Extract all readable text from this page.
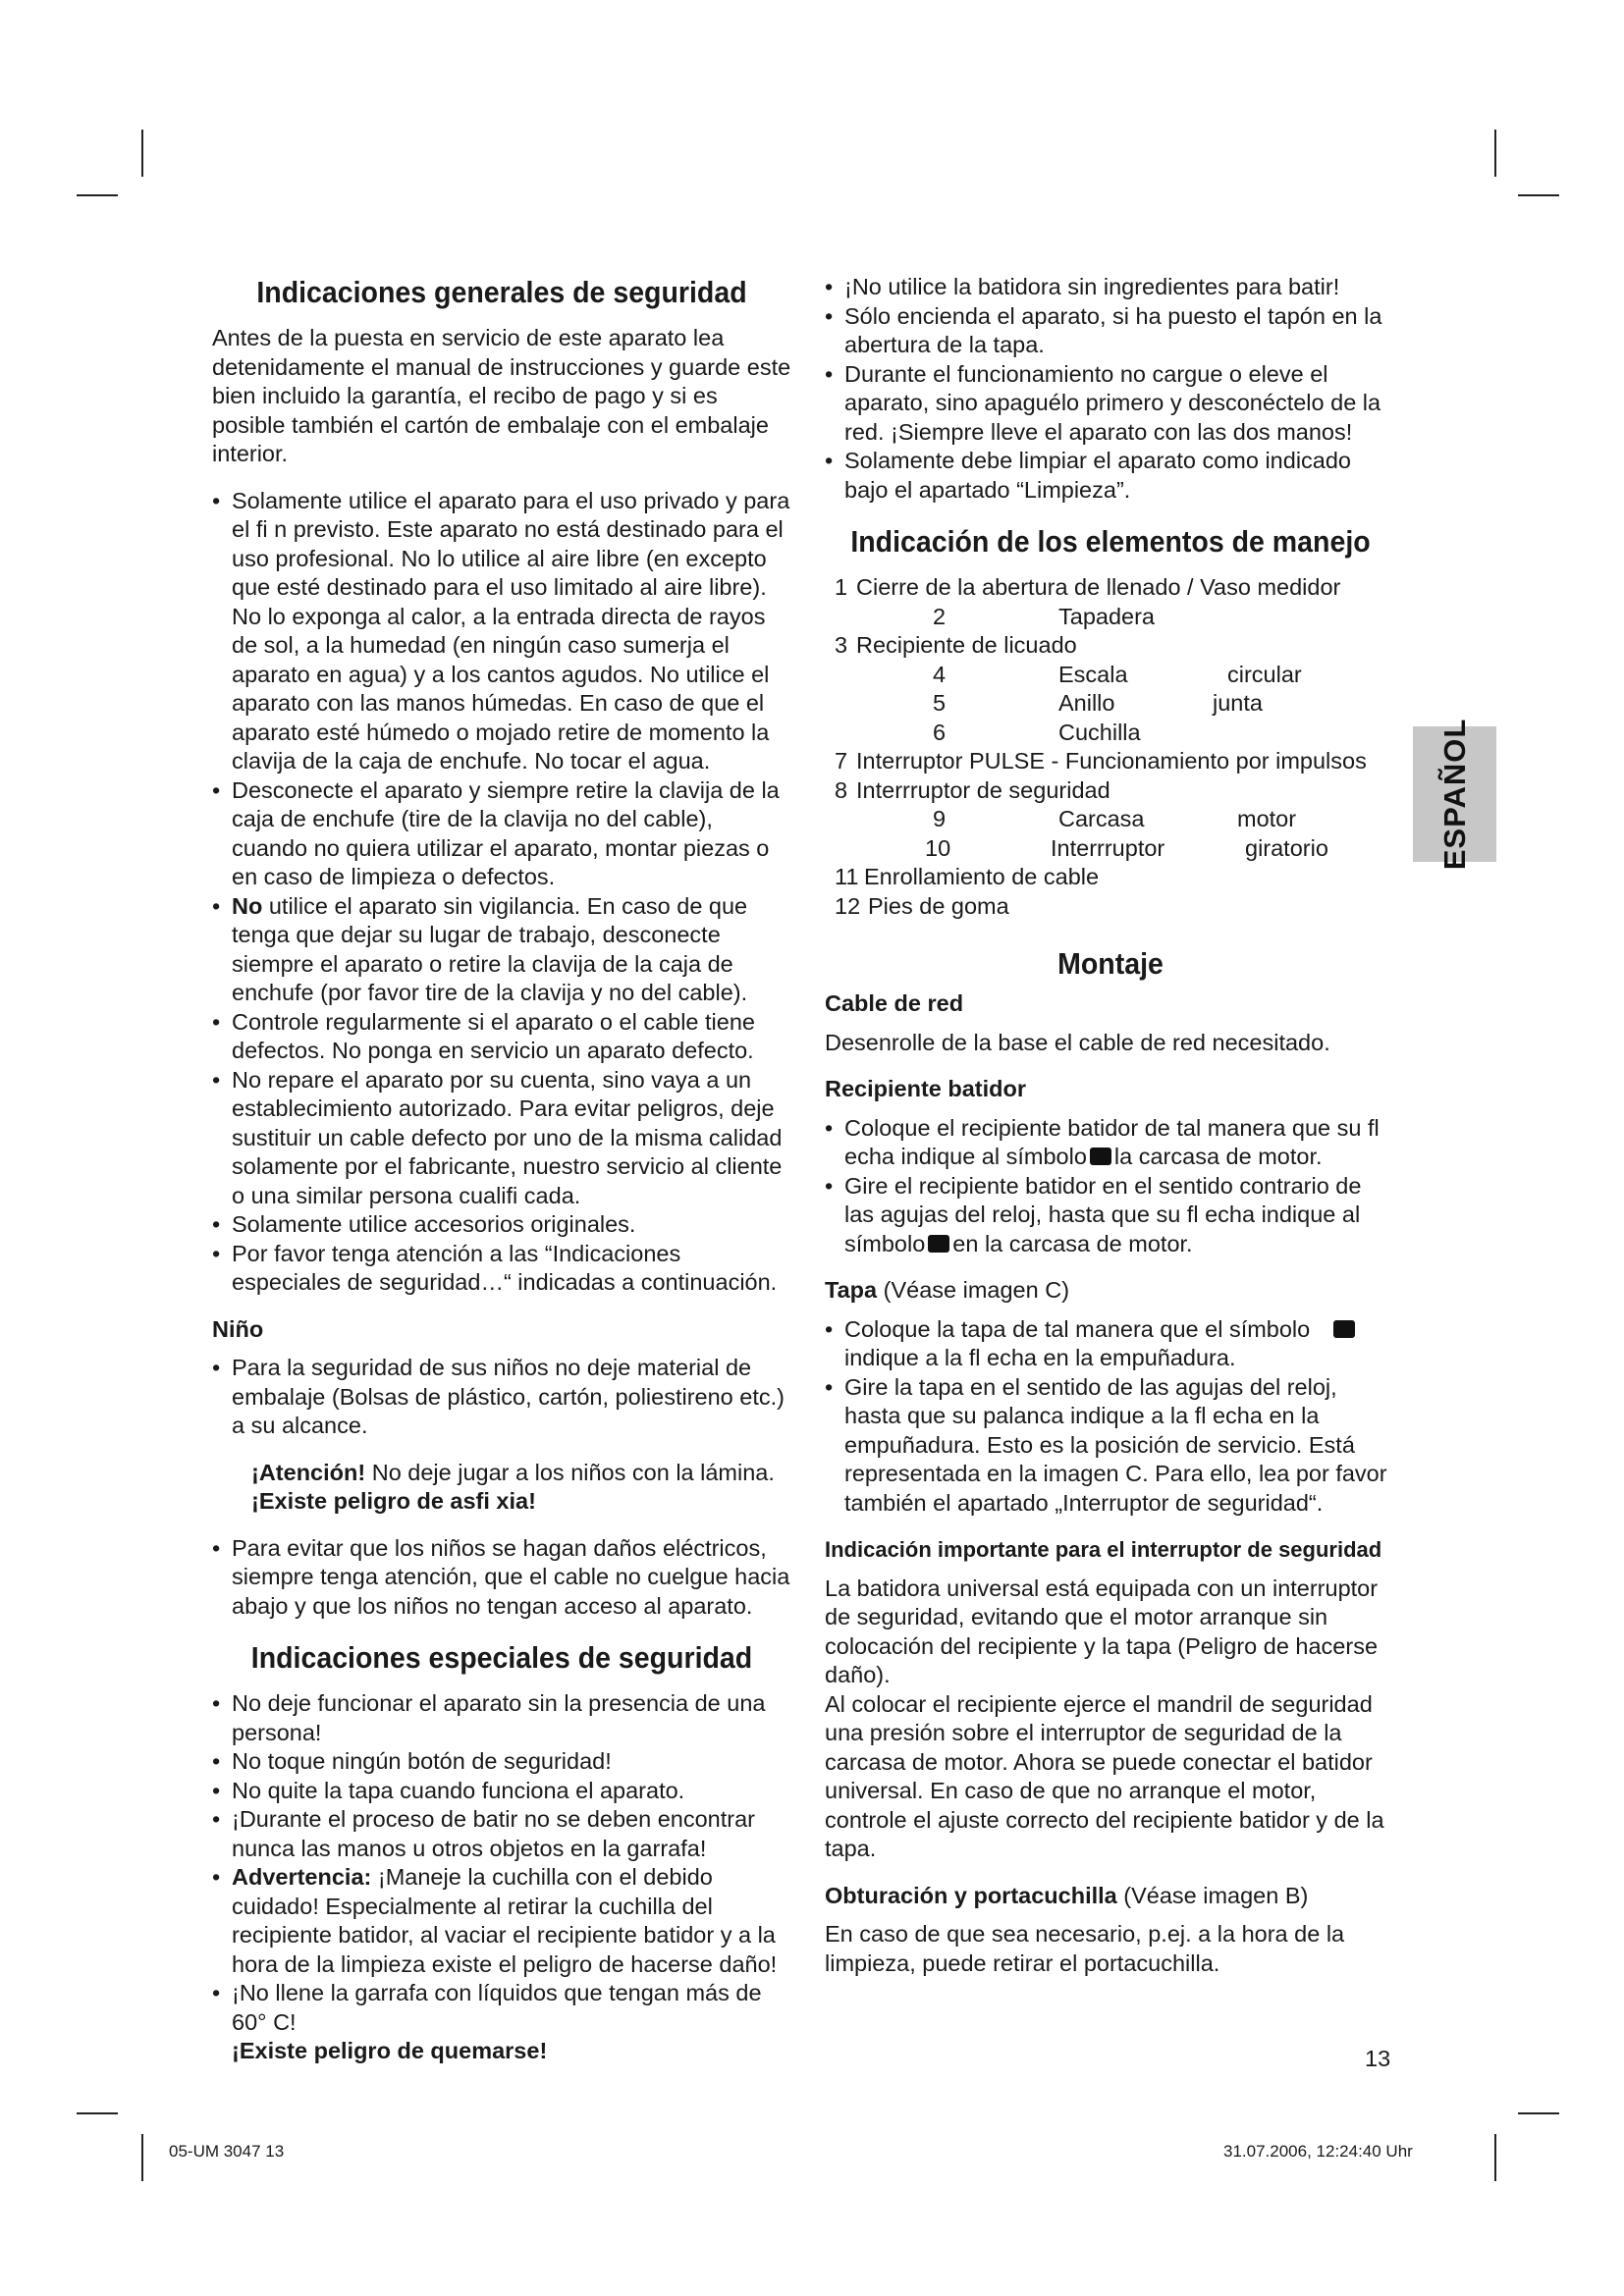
Indicaciones generales de seguridad

Antes de la puesta en servicio de este aparato lea detenidamente el manual de instrucciones y guarde este bien incluido la garantía, el recibo de pago y si es posible también el cartón de embalaje con el embalaje interior.

• Solamente utilice el aparato para el uso privado y para el fi n previsto. Este aparato no está destinado para el uso profesional. No lo utilice al aire libre (en excepto que esté destinado para el uso limitado al aire libre). No lo exponga al calor, a la entrada directa de rayos de sol, a la humedad (en ningún caso sumerja el aparato en agua) y a los cantos agudos. No utilice el aparato con las manos húmedas. En caso de que el aparato esté húmedo o mojado retire de momento la clavija de la caja de enchufe. No tocar el agua.
• Desconecte el aparato y siempre retire la clavija de la caja de enchufe (tire de la clavija no del cable), cuando no quiera utilizar el aparato, montar piezas o en caso de limpieza o defectos.
• No utilice el aparato sin vigilancia. En caso de que tenga que dejar su lugar de trabajo, desconecte siempre el aparato o retire la clavija de la caja de enchufe (por favor tire de la clavija y no del cable).
• Controle regularmente si el aparato o el cable tiene defectos. No ponga en servicio un aparato defecto.
• No repare el aparato por su cuenta, sino vaya a un establecimiento autorizado. Para evitar peligros, deje sustituir un cable defecto por uno de la misma calidad solamente por el fabricante, nuestro servicio al cliente o una similar persona cualifi cada.
• Solamente utilice accesorios originales.
• Por favor tenga atención a las “Indicaciones especiales de seguridad…“ indicadas a continuación.
Niño
• Para la seguridad de sus niños no deje material de embalaje (Bolsas de plástico, cartón, poliestireno etc.) a su alcance.

¡Atención! No deje jugar a los niños con la lámina. ¡Existe peligro de asfi xia!

• Para evitar que los niños se hagan daños eléctricos, siempre tenga atención, que el cable no cuelgue hacia abajo y que los niños no tengan acceso al aparato.
Indicaciones especiales de seguridad
• No deje funcionar el aparato sin la presencia de una persona!
• No toque ningún botón de seguridad!
• No quite la tapa cuando funciona el aparato.
• ¡Durante el proceso de batir no se deben encontrar nunca las manos u otros objetos en la garrafa!
• Advertencia: ¡Maneje la cuchilla con el debido cuidado! Especialmente al retirar la cuchilla del recipiente batidor, al vaciar el recipiente batidor y a la hora de la limpieza existe el peligro de hacerse daño!
• ¡No llene la garrafa con líquidos que tengan más de 60° C!
¡Existe peligro de quemarse!
• ¡No utilice la batidora sin ingredientes para batir!
• Sólo encienda el aparato, si ha puesto el tapón en la abertura de la tapa.
• Durante el funcionamiento no cargue o eleve el aparato, sino apaguélo primero y desconéctelo de la red. ¡Siempre lleve el aparato con las dos manos!
• Solamente debe limpiar el aparato como indicado bajo el apartado “Limpieza”.
Indicación de los elementos de manejo
1 Cierre de la abertura de llenado / Vaso medidor
2	Tapadera
3 Recipiente de licuado
4	Escala	circular
5	Anillo	junta
6	Cuchilla
7 Interruptor PULSE - Funcionamiento por impulsos
8 Interrruptor de seguridad
9	Carcasa	motor
10	Interrruptor	giratorio
11 Enrollamiento de cable
12 Pies de goma
Montaje
Cable de red

Desenrolle de la base el cable de red necesitado.

Recipiente batidor
• Coloque el recipiente batidor de tal manera que su fl echa indique al símbolo la carcasa de motor.
• Gire el recipiente batidor en el sentido contrario de las agujas del reloj, hasta que su fl echa indique al símbolo en la carcasa de motor.

Tapa (Véase imagen C)

• Coloque la tapa de tal manera que el símboloindique a la fl echa en la empuñadura.
• Gire la tapa en el sentido de las agujas del reloj, hasta que su palanca indique a la fl echa en la empuñadura. Esto es la posición de servicio. Está representada en la imagen C. Para ello, lea por favor también el apartado „Interruptor de seguridad“.
Indicación importante para el interruptor de seguridad

La batidora universal está equipada con un interruptor de seguridad, evitando que el motor arranque sin colocación del recipiente y la tapa (Peligro de hacerse daño).
Al colocar el recipiente ejerce el mandril de seguridad una presión sobre el interruptor de seguridad de la carcasa de motor. Ahora se puede conectar el batidor universal. En caso de que no arranque el motor, controle el ajuste correcto del recipiente batidor y de la tapa.

Obturación y portacuchilla (Véase imagen B)

En caso de que sea necesario, p.ej. a la hora de la limpieza, puede retirar el portacuchilla.

ESPAÑOL
13
05-UM 3047 13	31.07.2006, 12:24:40 Uhr
